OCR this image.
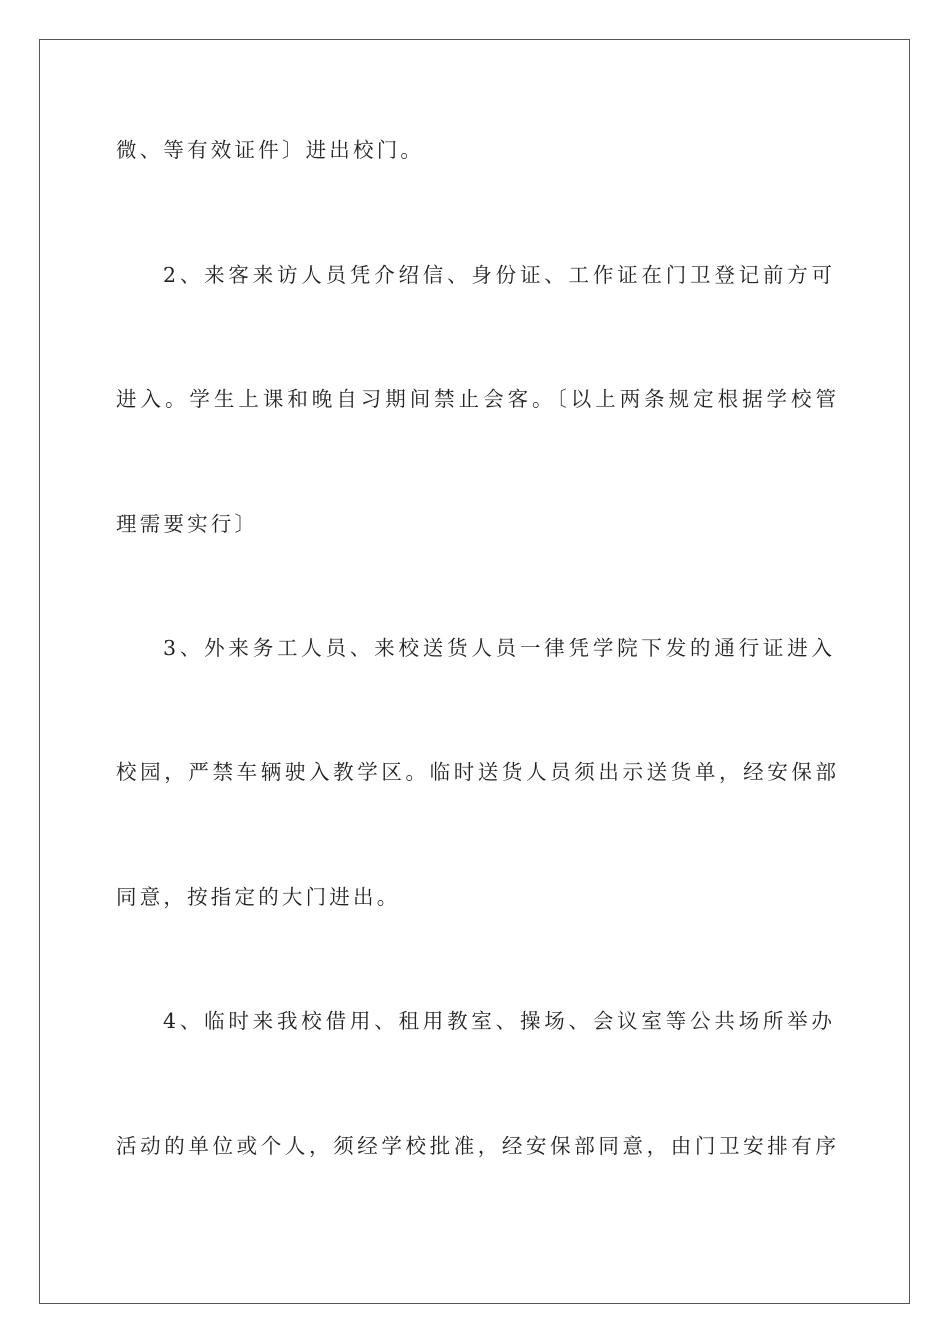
微、等有效证件〕进出校门。
2、来客来访人员凭介绍信、身份证、工作证在门卫登记前方可
进入。学生上课和晚自习期间禁止会客。〔以上两条规定根据学校管
理需要实行〕
3、外来务工人员、来校送货人员一律凭学院下发的通行证进入
校园，严禁车辆驶入教学区。临时送货人员须出示送货单，经安保部
同意，按指定的大门进出。
4、临时来我校借用、租用教室、操场、会议室等公共场所举办
活动的单位或个人，须经学校批准，经安保部同意，由门卫安排有序
